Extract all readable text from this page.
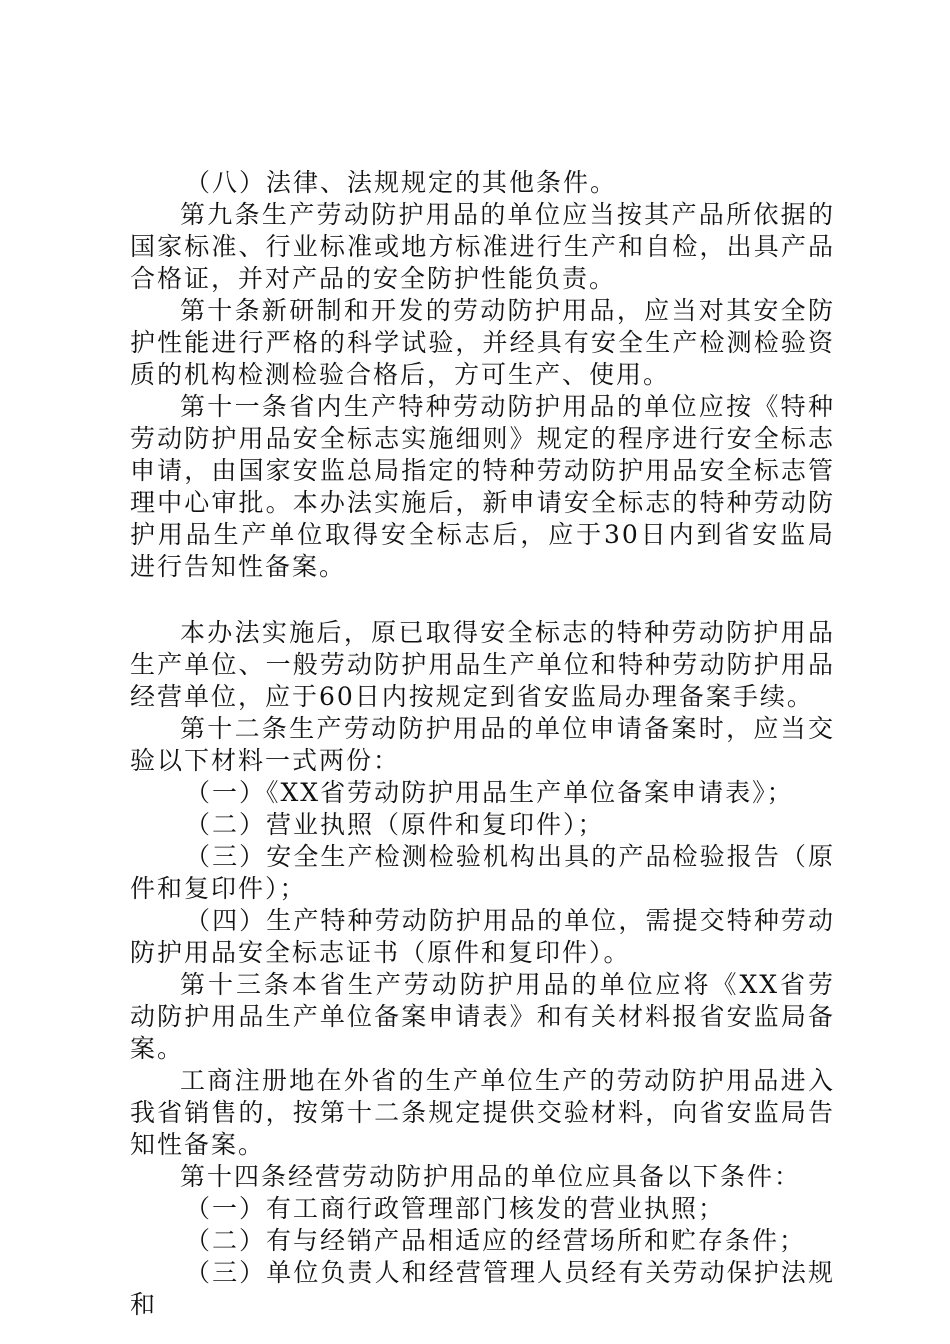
（八）法律、法规规定的其他条件。

第九条生产劳动防护用品的单位应当按其产品所依据的国家标准、行业标准或地方标准进行生产和自检，出具产品合格证，并对产品的安全防护性能负责。

第十条新研制和开发的劳动防护用品，应当对其安全防护性能进行严格的科学试验，并经具有安全生产检测检验资质的机构检测检验合格后，方可生产、使用。

第十一条省内生产特种劳动防护用品的单位应按《特种劳动防护用品安全标志实施细则》规定的程序进行安全标志申请，由国家安监总局指定的特种劳动防护用品安全标志管理中心审批。本办法实施后，新申请安全标志的特种劳动防护用品生产单位取得安全标志后，应于30日内到省安监局进行告知性备案。

本办法实施后，原已取得安全标志的特种劳动防护用品生产单位、一般劳动防护用品生产单位和特种劳动防护用品经营单位，应于60日内按规定到省安监局办理备案手续。

第十二条生产劳动防护用品的单位申请备案时，应当交验以下材料一式两份：

（一）《XX省劳动防护用品生产单位备案申请表》；

（二）营业执照（原件和复印件）；

（三）安全生产检测检验机构出具的产品检验报告（原件和复印件）；

（四）生产特种劳动防护用品的单位，需提交特种劳动防护用品安全标志证书（原件和复印件）。

第十三条本省生产劳动防护用品的单位应将《XX省劳动防护用品生产单位备案申请表》和有关材料报省安监局备案。

工商注册地在外省的生产单位生产的劳动防护用品进入我省销售的，按第十二条规定提供交验材料，向省安监局告知性备案。

第十四条经营劳动防护用品的单位应具备以下条件：

（一）有工商行政管理部门核发的营业执照；

（二）有与经销产品相适应的经营场所和贮存条件；

（三）单位负责人和经营管理人员经有关劳动保护法规和
